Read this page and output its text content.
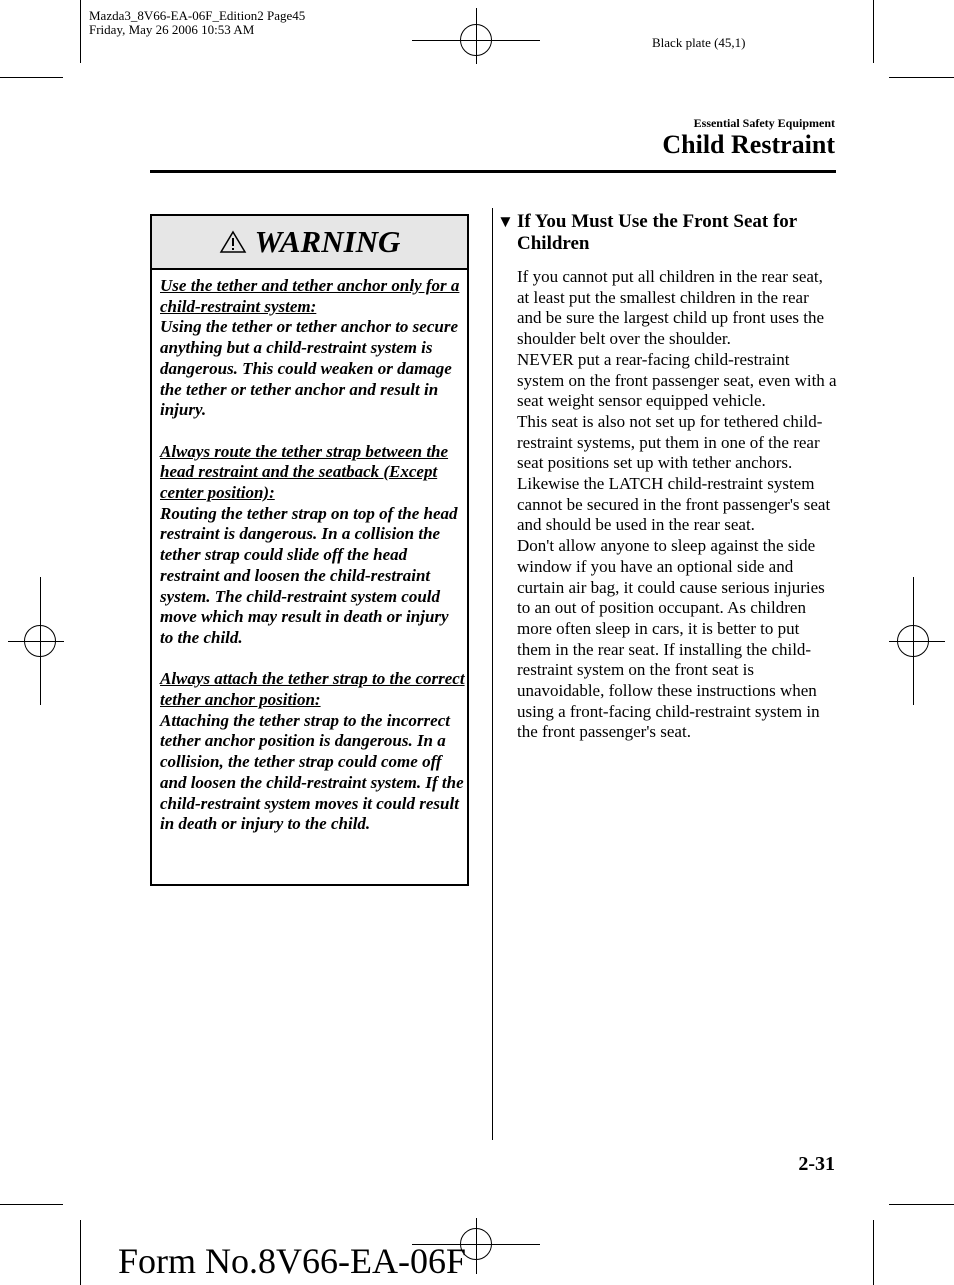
Mazda3_8V66-EA-06F_Edition2 Page45
Friday, May 26 2006 10:53 AM
Black plate (45,1)
Essential Safety Equipment
Child Restraint
WARNING

Use the tether and tether anchor only for a child-restraint system:
Using the tether or tether anchor to secure anything but a child-restraint system is dangerous. This could weaken or damage the tether or tether anchor and result in injury.

Always route the tether strap between the head restraint and the seatback (Except center position):
Routing the tether strap on top of the head restraint is dangerous. In a collision the tether strap could slide off the head restraint and loosen the child-restraint system. The child-restraint system could move which may result in death or injury to the child.

Always attach the tether strap to the correct tether anchor position:
Attaching the tether strap to the incorrect tether anchor position is dangerous. In a collision, the tether strap could come off and loosen the child-restraint system. If the child-restraint system moves it could result in death or injury to the child.

▼ If You Must Use the Front Seat for Children

If you cannot put all children in the rear seat, at least put the smallest children in the rear and be sure the largest child up front uses the shoulder belt over the shoulder.

NEVER put a rear-facing child-restraint system on the front passenger seat, even with a seat weight sensor equipped vehicle.

This seat is also not set up for tethered child-restraint systems, put them in one of the rear seat positions set up with tether anchors.

Likewise the LATCH child-restraint system cannot be secured in the front passenger's seat and should be used in the rear seat.

Don't allow anyone to sleep against the side window if you have an optional side and curtain air bag, it could cause serious injuries to an out of position occupant. As children more often sleep in cars, it is better to put them in the rear seat. If installing the child-restraint system on the front seat is unavoidable, follow these instructions when using a front-facing child-restraint system in the front passenger's seat.

2-31
Form No.8V66-EA-06F
